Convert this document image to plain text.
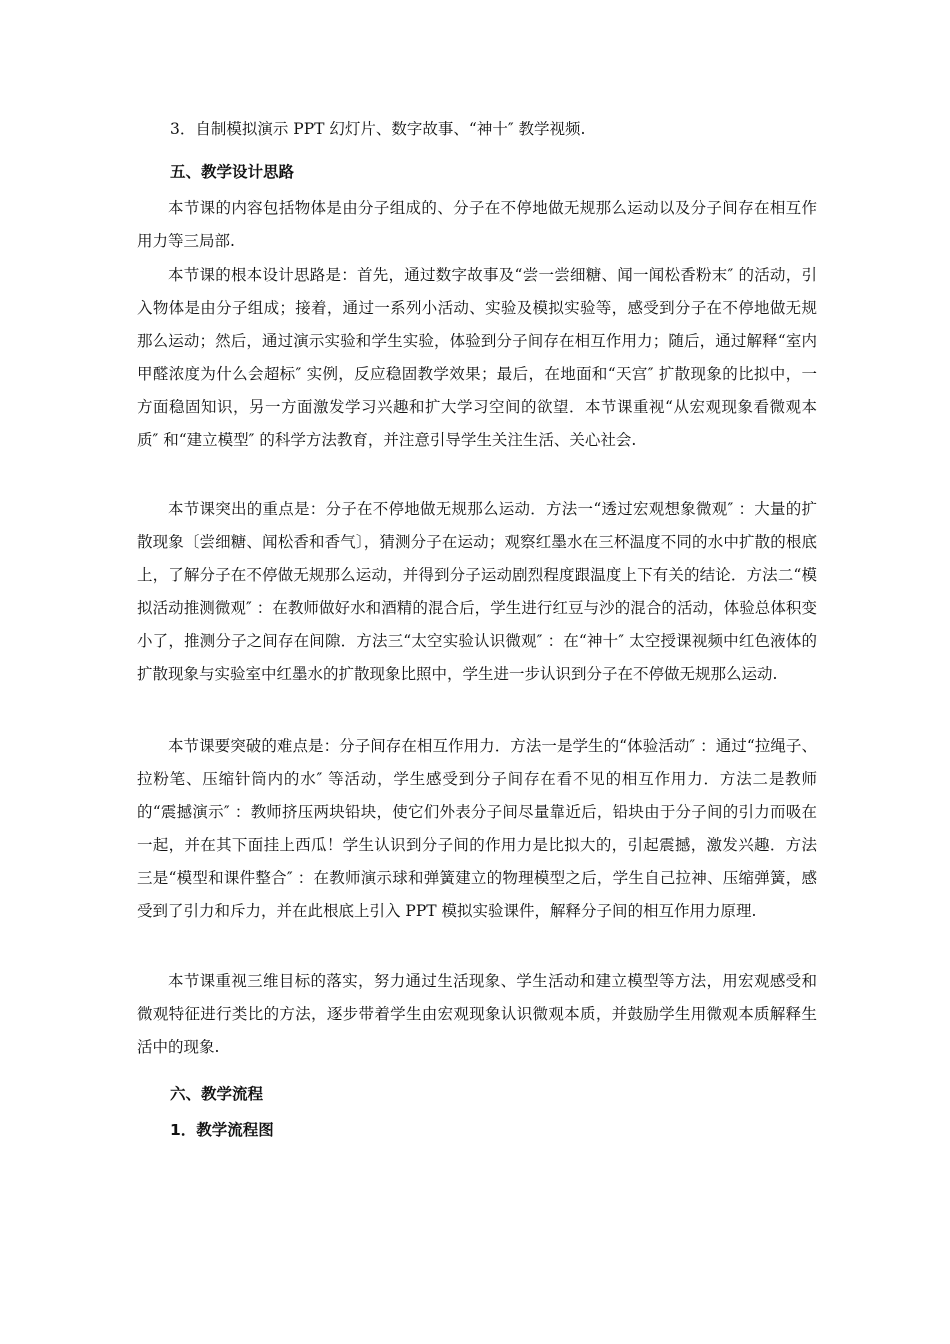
3．自制模拟演示 PPT 幻灯片、数字故事、“神十″ 教学视频.

五、教学设计思路

本节课的内容包括物体是由分子组成的、分子在不停地做无规那么运动以及分子间存在相互作用力等三局部.

本节课的根本设计思路是：首先，通过数字故事及“尝一尝细糖、闻一闻松香粉末″ 的活动，引入物体是由分子组成；接着，通过一系列小活动、实验及模拟实验等，感受到分子在不停地做无规那么运动；然后，通过演示实验和学生实验，体验到分子间存在相互作用力；随后，通过解释“室内甲醛浓度为什么会超标″ 实例，反应稳固教学效果；最后，在地面和“天宫″ 扩散现象的比拟中，一方面稳固知识，另一方面激发学习兴趣和扩大学习空间的欲望．本节课重视“从宏观现象看微观本质″ 和“建立模型″ 的科学方法教育，并注意引导学生关注生活、关心社会.

本节课突出的重点是：分子在不停地做无规那么运动．方法一“透过宏观想象微观″ ：大量的扩散现象〔尝细糖、闻松香和香气〕，猜测分子在运动；观察红墨水在三杯温度不同的水中扩散的根底上，了解分子在不停做无规那么运动，并得到分子运动剧烈程度跟温度上下有关的结论．方法二“模拟活动推测微观″ ：在教师做好水和酒精的混合后，学生进行红豆与沙的混合的活动，体验总体积变小了，推测分子之间存在间隙．方法三“太空实验认识微观″ ：在“神十″ 太空授课视频中红色液体的扩散现象与实验室中红墨水的扩散现象比照中，学生进一步认识到分子在不停做无规那么运动.

本节课要突破的难点是：分子间存在相互作用力．方法一是学生的“体验活动″ ：通过“拉绳子、拉粉笔、压缩针筒内的水″ 等活动，学生感受到分子间存在看不见的相互作用力．方法二是教师的“震撼演示″ ：教师挤压两块铅块，使它们外表分子间尽量靠近后，铅块由于分子间的引力而吸在一起，并在其下面挂上西瓜！学生认识到分子间的作用力是比拟大的，引起震撼，激发兴趣．方法三是“模型和课件整合″ ：在教师演示球和弹簧建立的物理模型之后，学生自己拉神、压缩弹簧，感受到了引力和斥力，并在此根底上引入 PPT 模拟实验课件，解释分子间的相互作用力原理.

本节课重视三维目标的落实，努力通过生活现象、学生活动和建立模型等方法，用宏观感受和微观特征进行类比的方法，逐步带着学生由宏观现象认识微观本质，并鼓励学生用微观本质解释生活中的现象.

六、教学流程

1．教学流程图
